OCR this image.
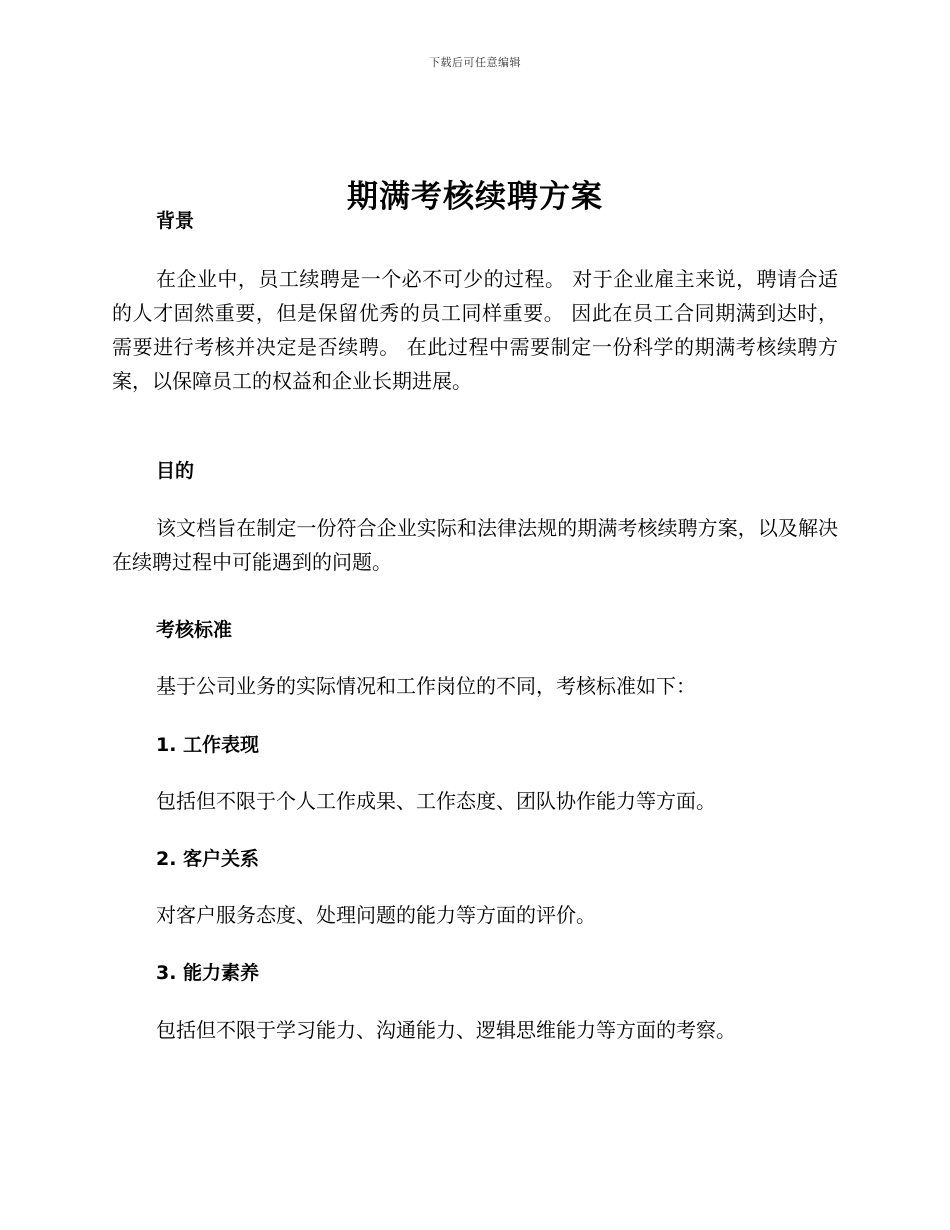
下载后可任意编辑
期满考核续聘方案
背景

在企业中，员工续聘是一个必不可少的过程。 对于企业雇主来说，聘请合适的人才固然重要，但是保留优秀的员工同样重要。 因此在员工合同期满到达时，需要进行考核并决定是否续聘。 在此过程中需要制定一份科学的期满考核续聘方案，以保障员工的权益和企业长期进展。

目的

该文档旨在制定一份符合企业实际和法律法规的期满考核续聘方案，以及解决在续聘过程中可能遇到的问题。

考核标准

基于公司业务的实际情况和工作岗位的不同，考核标准如下：

1. 工作表现

包括但不限于个人工作成果、工作态度、团队协作能力等方面。

2. 客户关系

对客户服务态度、处理问题的能力等方面的评价。

3. 能力素养

包括但不限于学习能力、沟通能力、逻辑思维能力等方面的考察。
